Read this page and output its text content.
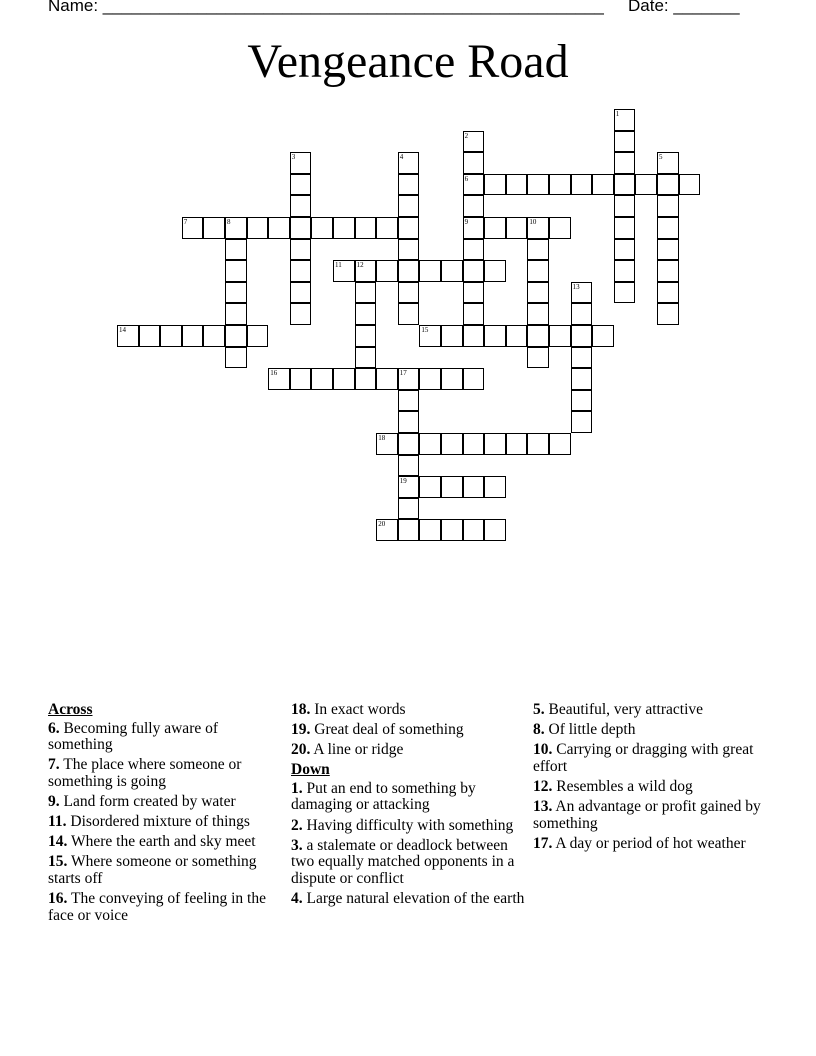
Name: _____________________________________________________ Date: _______
Vengeance Road
1
2
6
9
3	4	5
7	8	10
11 12
13
14	15
16	17
19
18
20
Across
6. Becoming fully aware of something
7. The place where someone or something is going
9. Land form created by water
11. Disordered mixture of things
14. Where the earth and sky meet
15. Where someone or something starts off
16. The conveying of feeling in the face or voice
18. In exact words
19. Great deal of something
20. A line or ridge
Down
1. Put an end to something by damaging or attacking
2. Having difficulty with something
3. a stalemate or deadlock between two equally matched opponents in a dispute or conflict
4. Large natural elevation of the earth
5. Beautiful, very attractive
8. Of little depth
10. Carrying or dragging with great effort
12. Resembles a wild dog
13. An advantage or profit gained by something
17. A day or period of hot weather
